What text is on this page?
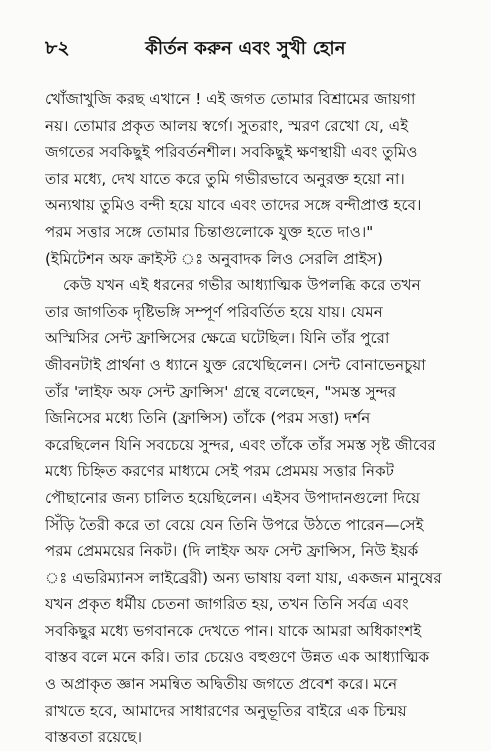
৮২	কীর্তন করুন এবং সুখী হোন
খোঁজাখুজি করছ এখানে ! এই জগত তোমার বিশ্রামের জায়গা
নয়। তোমার প্রকৃত আলয় স্বর্গে। সুতরাং, স্মরণ রেখো যে, এই
জগতের সবকিছুই পরিবর্তনশীল। সবকিছুই ক্ষণস্থায়ী এবং তুমিও
তার মধ্যে, দেখ যাতে করে তুমি গভীরভাবে অনুরক্ত হয়ো না।
অন্যথায় তুমিও বন্দী হয়ে যাবে এবং তাদের সঙ্গে বন্দীপ্রাপ্ত হবে।
পরম সত্তার সঙ্গে তোমার চিন্তাগুলোকে যুক্ত হতে দাও।"
(ইমিটেশন অফ ক্রাইস্ট ঃ অনুবাদক লিও সেরলি প্রাইস)
কেউ যখন এই ধরনের গভীর আধ্যাত্মিক উপলব্ধি করে তখন
তার জাগতিক দৃষ্টিভঙ্গি সম্পূর্ণ পরিবর্তিত হয়ে যায়। যেমন
অস্মিসির সেন্ট ফ্রান্সিসের ক্ষেত্রে ঘটেছিল। যিনি তাঁর পুরো
জীবনটাই প্রার্থনা ও ধ্যানে যুক্ত রেখেছিলেন। সেন্ট বোনাভেনচুয়া
তাঁর 'লাইফ অফ সেন্ট ফ্রান্সিস' গ্রন্থে বলেছেন, "সমস্ত সুন্দর
জিনিসের মধ্যে তিনি (ফ্রান্সিস) তাঁকে (পরম সত্তা) দর্শন
করেছিলেন যিনি সবচেয়ে সুন্দর, এবং তাঁকে তাঁর সমস্ত সৃষ্ট জীবের
মধ্যে চিহ্নিত করণের মাধ্যমে সেই পরম প্রেমময় সত্তার নিকট
পৌছানোর জন্য চালিত হয়েছিলেন। এইসব উপাদানগুলো দিয়ে
সিঁড়ি তৈরী করে তা বেয়ে যেন তিনি উপরে উঠতে পারেন—সেই
পরম প্রেমময়ের নিকট। (দি লাইফ অফ সেন্ট ফ্রান্সিস, নিউ ইয়র্ক
ঃ এভরিম্যানস লাইব্রেরী) অন্য ভাষায় বলা যায়, একজন মানুষের
যখন প্রকৃত ধর্মীয় চেতনা জাগরিত হয়, তখন তিনি সর্বত্র এবং
সবকিছুর মধ্যে ভগবানকে দেখতে পান। যাকে আমরা অধিকাংশই
বাস্তব বলে মনে করি। তার চেয়েও বহুগুণে উন্নত এক আধ্যাত্মিক
ও অপ্রাকৃত জ্ঞান সমন্বিত অদ্বিতীয় জগতে প্রবেশ করে। মনে
রাখতে হবে, আমাদের সাধারণের অনুভূতির বাইরে এক চিন্ময়
বাস্তবতা রয়েছে।
